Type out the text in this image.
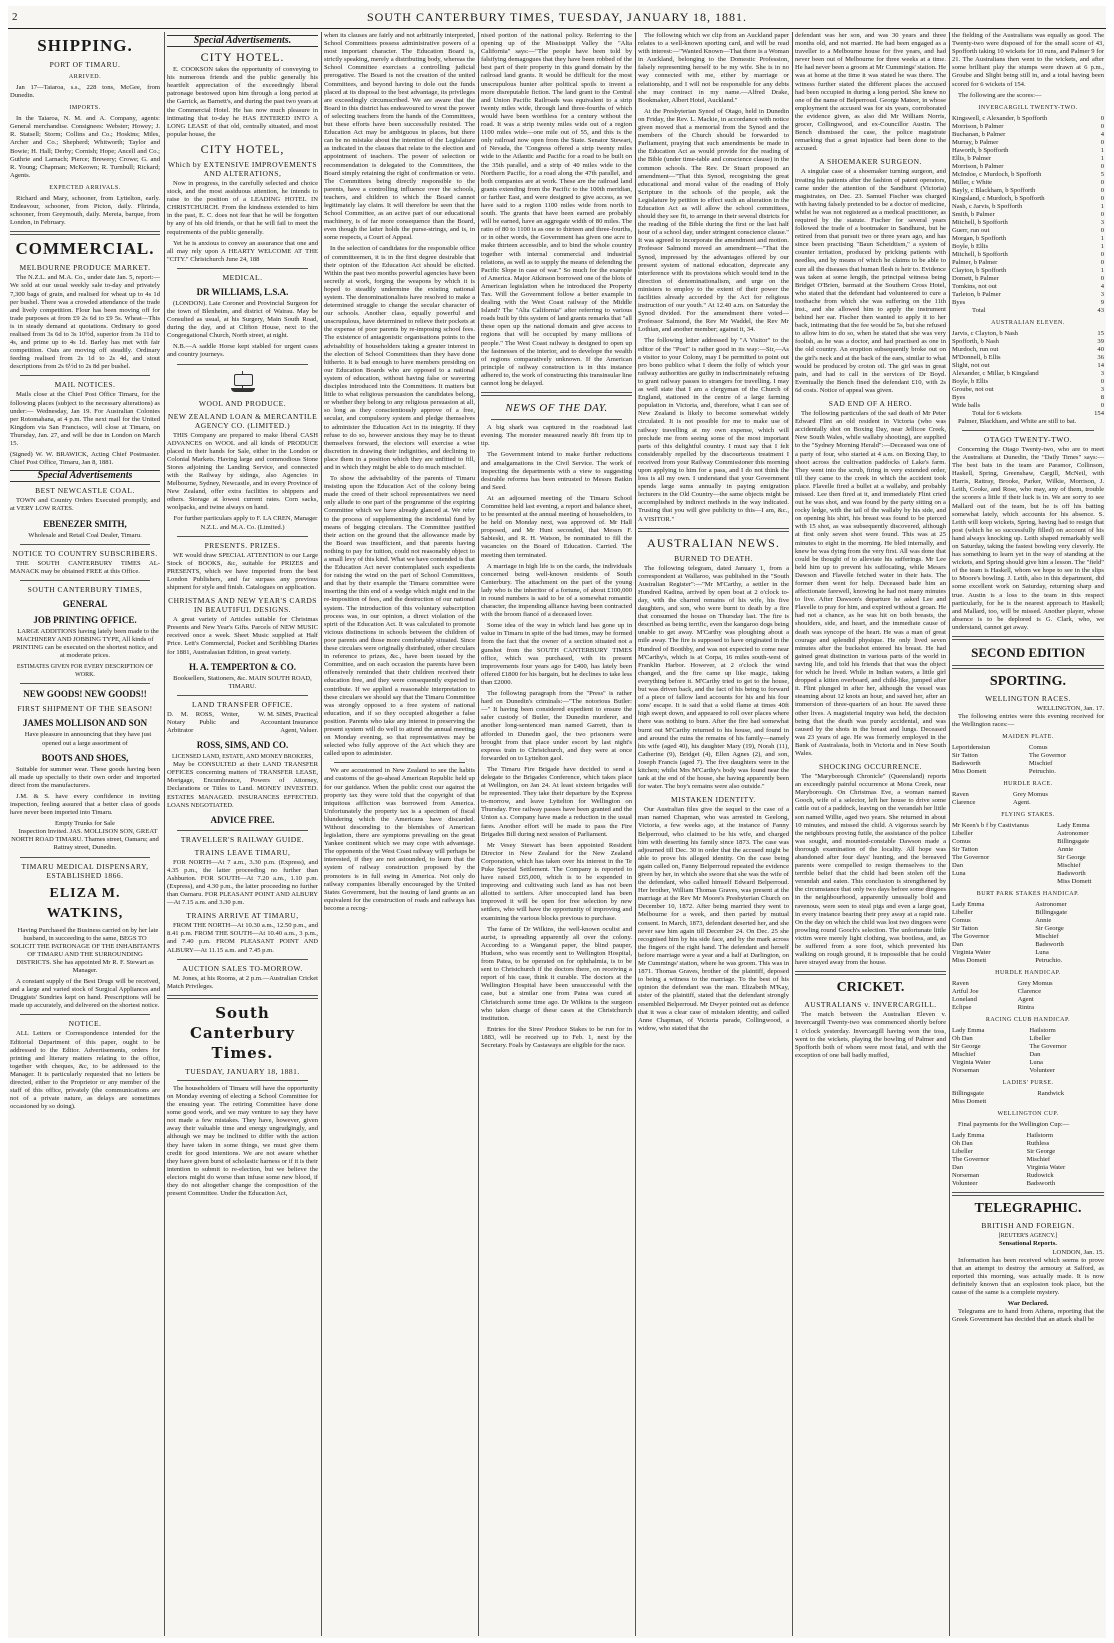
2	SOUTH CANTERBURY TIMES, TUESDAY, JANUARY 18, 1881.
SHIPPING.
PORT OF TIMARU.
ARRIVED.

Jan 17—Taiaroa, s.s., 228 tons, McGee, from Dunedin.

IMPORTS.

In the Taiaroa, N. M. and A. Company, agents: General merchandise. Consignees: Webster; Howey; J. R. Statsell; Storm; Collins and Co.; Hoskins; Miles, Archer and Co.; Shepherd; Whitworth; Taylor and Bowie; H. Hall; Derby; Cornish; Hope; Ancell and Co.; Guthrie and Larnach; Pierce; Brewery; Crowe; G. and R. Young; Chapman; McKeown; R. Turnbull; Rickard; Agents.

EXPECTED ARRIVALS.

Richard and Mary, schooner, from Lyttelton, early. Endeavour, schooner, from Picton, daily. Flirinda, schooner, from Greymouth, daily. Mereia, barque, from London, in February.

COMMERCIAL.
MELBOURNE PRODUCE MARKET.

The N.Z.L. and M.A. Co., under date Jan. 5, report:—We sold at our usual weekly sale to-day and privately 7,300 bags of grain, and realised for wheat up to 4s 1d per bushel. There was a crowded attendance of the trade and lively competition. Flour has been moving off for trade purposes at from £9 2s 6d to £9 5s. Wheat—This is in steady demand at quotations. Ordinary to good realised from 3s 6d to 3s 10½d, superior from 3s 11d to 4s, and prime up to 4s 1d. Barley has met with fair competition. Oats are moving off steadily. Ordinary feeding realised from 2s 1d to 2s 4d, and stout descriptions from 2s 6½d to 2s 8d per bushel.

MAIL NOTICES.

Mails close at the Chief Post Office Timaru, for the following places (subject to the necessary alterations) as under:— Wednesday, Jan 19. For Australian Colonies per Rotomahana, at 4 p.m. The next mail for the United Kingdom via San Francisco, will close at Timaru, on Thursday, Jan. 27, and will be due in London on March 15.

(Signed) W. W. BRAWICK, Acting Chief Postmaster. Chief Post Office, Timaru, Jan 8, 1881.

Special Advertisements
BEST NEWCASTLE COAL.

TOWN and Country Orders Executed promptly, and at VERY LOW RATES.

EBENEZER SMITH,
Wholesale and Retail Coal Dealer, Timaru.
NOTICE TO COUNTRY SUBSCRIBERS.

THE SOUTH CANTERBURY TIMES AL-MANACK may be obtained FREE at this Office.

SOUTH CANTERBURY TIMES,
GENERAL
JOB PRINTING OFFICE.

LARGE ADDITIONS having lately been made to the MACHINERY AND JOBBING TYPE, All kinds of PRINTING can be executed on the shortest notice, and at moderate prices.

ESTIMATES GIVEN FOR EVERY DESCRIPTION OF WORK.
NEW GOODS! NEW GOODS!!
FIRST SHIPMENT OF THE SEASON!
JAMES MOLLISON AND SON

Have pleasure in announcing that they have just opened out a large assortment of

BOOTS AND SHOES,

Suitable for summer wear. These goods having been all made up specially to their own order and imported direct from the manufacturers.

J.M. & S. have every confidence in inviting inspection, feeling assured that a better class of goods have never been imported into Timaru.

Empty Trunks for Sale

Inspection Invited. JAS. MOLLISON SON, GREAT NORTH ROAD TIMARU. Thames street, Oamaru; and Rattray street, Dunedin.

TIMARU MEDICAL DISPENSARY, ESTABLISHED 1866.
ELIZA M. WATKINS,

Having Purchased the Business carried on by her late husband, in succeeding to the same, BEGS TO SOLICIT THE PATRONAGE OF THE INHABITANTS OF TIMARU AND THE SURROUNDING DISTRICTS. She has appointed Mr R. F. Stewart as Manager.

A constant supply of the Best Drugs will be received, and a large and varied stock of Surgical Appliances and Druggists' Sundries kept on hand. Prescriptions will be made up accurately, and delivered on the shortest notice.

NOTICE.

ALL Letters or Correspondence intended for the Editorial Department of this paper, ought to be addressed to the Editor. Advertisements, orders for printing and literary matters relating to the office, together with cheques, &c, to be addressed to the Manager. It is particularly requested that no letters be directed, either to the Proprietor or any member of the staff of this office, privately (the communications are not of a private nature, as delays are sometimes occasioned by so doing).

Special Advertisements.
CITY HOTEL.

E. COOKSON takes the opportunity of conveying to his numerous friends and the public generally his heartfelt appreciation of the exceedingly liberal patronage bestowed upon him through a long period at the Garrick, as Barnett's, and during the past two years at the Commercial Hotel. He has now much pleasure in intimating that to-day he HAS ENTERED INTO A LONG LEASE of that old, centrally situated, and most popular house, the

CITY HOTEL,
Which by EXTENSIVE IMPROVEMENTS AND ALTERATIONS,

Now in progress, in the carefully selected and choice stock, and the most assiduous attention, he intends to raise to the position of a LEADING HOTEL IN CHRISTCHURCH. From the kindness extended to him in the past, E. C. does not fear that he will be forgotten by any of his old friends, or that he will fail to meet the requirements of the public generally.

Yet he is anxious to convey an assurance that one and all may rely upon A HEARTY WELCOME AT THE "CITY." Christchurch June 24, 188

MEDICAL.
DR WILLIAMS, L.S.A.

(LONDON). Late Coroner and Provincial Surgeon for the town of Blenheim, and district of Wairau. May be Consulted as usual, at his Surgery, Main South Road, during the day, and at Clifton House, next to the Congregational Church, North street, at night.

N.B.—A saddle Horse kept stabled for urgent cases and country journeys.

WOOL AND PRODUCE.
NEW ZEALAND LOAN & MERCANTILE AGENCY CO. (LIMITED.)

THIS Company are prepared to make liberal CASH ADVANCES on WOOL and all kinds of PRODUCE placed in their hands for Sale, either in the London or Colonial Markets. Having large and commodious Stone Stores adjoining the Landing Service, and connected with the Railway by sidings, also Agencies in Melbourne, Sydney, Newcastle, and in every Province of New Zealand, offer extra facilities to shippers and others. Storage at lowest current rates. Corn sacks, woolpacks, and twine always on hand.

For further particulars apply to F. LA CREN, Manager N.Z.L. and M.A. Co. (Limited.)

PRESENTS. PRIZES.

WE would draw SPECIAL ATTENTION to our Large Stock of BOOKS, &c, suitable for PRIZES and PRESENTS, which we have imported from the best London Publishers, and far surpass any previous shipment for style and finish. Catalogues on application.

CHRISTMAS AND NEW YEAR'S CARDS IN BEAUTIFUL DESIGNS.

A great variety of Articles suitable for Christmas Presents and New Year's Gifts. Parcels of NEW MUSIC received once a week. Sheet Music supplied at Half Price. Lett's Commercial, Pocket and Scribbling Diaries for 1881, Australasian Edition, in great variety.

H. A. TEMPERTON & CO.
Booksellers, Stationers, &c. MAIN SOUTH ROAD, TIMARU.
LAND TRANSFER OFFICE.
D. M. ROSS, Writer, Notary Public and Arbitrator
W. M. SIMS, Practical Accountant Insurance Agent, Valuer.
ROSS, SIMS, AND CO.
LICENSED LAND, ESTATE, AND MONEY BROKERS,

May be CONSULTED at their LAND TRANSFER OFFICES concerning matters of TRANSFER LEASE, Mortgage, Encumbrance, Powers of Attorney, Declarations or Titles to Land. MONEY INVESTED. ESTATES MANAGED. INSURANCES EFFECTED. LOANS NEGOTIATED.

ADVICE FREE.
TRAVELLER'S RAILWAY GUIDE.
TRAINS LEAVE TIMARU,

FOR NORTH—At 7 a.m., 3.30 p.m. (Express), and 4.35 p.m., the latter proceeding no further than Ashburton. FOR SOUTH—At 7.20 a.m., 1.10 p.m. (Express), and 4.30 p.m., the latter proceeding no further than Oamaru. FOR PLEASANT POINT AND ALBURY—At 7.15 a.m. and 3.30 p.m.

TRAINS ARRIVE AT TIMARU,

FROM THE NORTH—At 10.30 a.m., 12.50 p.m., and 8.41 p.m. FROM THE SOUTH—At 10.40 a.m., 3 p.m., and 7.40 p.m. FROM PLEASANT POINT AND ALBURY—At 11.15 a.m. and 7.45 p.m.

AUCTION SALES TO-MORROW.

M. Jones, at his Rooms, at 2 p.m.—Australian Cricket Match Privileges.

South Canterbury Times.
TUESDAY, JANUARY 18, 1881.

The householders of Timaru will have the opportunity on Monday evening of electing a School Committee for the ensuing year. The retiring Committee have done some good work, and we may venture to say they have not made a few mistakes. They have, however, given away their valuable time and energy ungrudgingly, and although we may be inclined to differ with the action they have taken in some things, we must give them credit for good intentions. We are not aware whether they have given burst of scholastic harness or if it is their intention to submit to re-election, but we believe the electors might do worse than infuse some new blood, if they do not altogether change the composition of the present Committee. Under the Education Act,

when its clauses are fairly and not arbitrarily interpreted, School Committees possess administrative powers of a most important character. The Education Board is, strictly speaking, merely a distributing body, whereas the School Committee exercises a controlling judicial prerogative. The Board is not the creation of the united Committees, and beyond having to dole out the funds placed at its disposal to the best advantage, its privileges are exceedingly circumscribed. We are aware that the Board in this district has endeavoured to wrest the power of selecting teachers from the hands of the Committees, but these efforts have been successfully resisted. The Education Act may be ambiguous in places, but there can be no mistake about the intention of the Legislature as indicated in the clauses that relate to the election and appointment of teachers. The power of selection or recommendation is delegated to the Committees, the Board simply retaining the right of confirmation or veto. The Committees being directly responsible to the parents, have a controlling influence over the schools, teachers, and children to which the Board cannot legitimately lay claim. It will therefore be seen that the School Committee, as an active part of our educational machinery, is of far more consequence than the Board, even though the latter holds the purse-strings, and is, in some respects, a Court of Appeal.

In the selection of candidates for the responsible office of committeemen, it is in the first degree desirable that their opinion of the Education Act should be elicited. Within the past two months powerful agencies have been secretly at work, forging the weapons by which it is hoped to steadily undermine the existing national system. The denominationalists have resolved to make a determined struggle to change the secular character of our schools. Another class, equally powerful and unscrupulous, have determined to relieve their pockets at the expense of poor parents by re-imposing school fees. The existence of antagonistic organisations points to the advisability of householders taking a greater interest in the election of School Committees than they have done hitherto. It is bad enough to have members presiding on our Education Boards who are opposed to a national system of education, without having false or wavering disciples introduced into the Committees. It matters but little to what religious persuasion the candidates belong, or whether they belong to any religious persuasion at all, so long as they conscientiously approve of a free, secular, and compulsory system and pledge themselves to administer the Education Act in its integrity. If they refuse to do so, however anxious they may be to thrust themselves forward, the electors will exercise a wise discretion in drawing their indignities, and declining to place them in a position which they are unfitted to fill, and in which they might be able to do much mischief.

To show the advisability of the parents of Timaru insisting upon the Education Act of the colony being made the creed of their school representatives we need only allude to one part of the programme of the expiring Committee which we have already glanced at. We refer to the process of supplementing the incidental fund by means of begging circulars. The Committee justified their action on the ground that the allowance made by the Board was insufficient, and that parents having nothing to pay for tuition, could not reasonably object to a small levy of this kind. What we have contended is that the Education Act never contemplated such expedients for raising the wind on the part of School Committees, and that by their example the Timaru committee were inserting the thin end of a wedge which might end in the re-imposition of fees, and the destruction of our national system. The introduction of this voluntary subscription process was, in our opinion, a direct violation of the spirit of the Education Act. It was calculated to promote vicious distinctions in schools between the children of poor parents and those more comfortably situated. Since these circulars were originally distributed, other circulars in reference to prizes, &c., have been issued by the Committee, and on each occasion the parents have been offensively reminded that their children received their education free, and they were consequently expected to contribute. If we applied a reasonable interpretation to these circulars we should say that the Timaru Committee was strongly opposed to a free system of national education, and if so they occupied altogether a false position. Parents who take any interest in preserving the present system will do well to attend the annual meeting on Monday evening, so that representatives may be selected who fully approve of the Act which they are called upon to administer.

We are accustomed in New Zealand to see the habits and customs of the go-ahead American Republic held up for our guidance. When the public crest our against the property tax they were told that the copyright of that iniquitous affliction was borrowed from America. Unfortunately the property tax is a specimen of fiscal blundering which the Americans have discarded. Without descending to the blemishes of American legislation, there are symptoms prevailing on the great Yankee continent which we may cope with advantage. The opponents of the West Coast railway will perhaps be interested, if they are not astounded, to learn that the system of railway construction proposed by the promoters is in full swing in America. Not only do railway companies liberally encouraged by the United States Government, but the issuing of land grants as an equivalent for the construction of roads and railways has become a recog-

nised portion of the national policy. Referring to the opening up of the Mississippi Valley the "Alta California" says:—"The people have been told by falsifying demagogues that they have been robbed of the best part of their property in this grand domain by the railroad land grants. It would be difficult for the most unscrupulous hunter after political spoils to invent a more disreputable fiction. The land grant to the Central and Union Pacific Railroads was equivalent to a strip twenty miles wide, through land three-fourths of which would have been worthless for a century without the road. It was a strip twenty miles wide out of a region 1100 miles wide—one mile out of 55, and this is the only railroad now open from the State. Senator Stewart, of Nevada, the 'Congress offered a strip twenty miles wide to the Atlantic and Pacific for a road to be built on the 35th parallel, and a strip of 40 miles wide to the Northern Pacific, for a road along the 47th parallel, and both companies are at work. These are the railroad land grants extending from the Pacific to the 100th meridian, or farther East, and were designed to give access, as we have said to a region 1100 miles wide from north to south. The grants that have been earned are probably will be earned, have an aggregate width of 80 miles. The ratio of 80 to 1100 is as one to thirteen and three-fourths, or in other words, the Government has given one acre to make thirteen accessible, and to bind the whole country together with internal commercial and industrial relations, as well as to supply the means of defending the Pacific Slope in case of war." So much for the example of America. Major Atkinson borrowed one of the blots of American legislation when he introduced the Property Tax. Will the Government follow a better example in dealing with the West Coast railway of the Middle Island? The "Alta California" after referring to various roads built by this system of land grants remarks that "all these open up the national domain and give access to regions that will be occupied by many millions of people." The West Coast railway is designed to open up the fastnesses of the interior, and to develope the wealth of regions comparatively unknown. If the American principle of railway construction is in this instance adhered to, the work of constructing this transinsular line cannot long be delayed.

NEWS OF THE DAY.

A big shark was captured in the roadstead last evening. The monster measured nearly 8ft from tip to tip.

The Government intend to make further reductions and amalgamations in the Civil Service. The work of inspecting the departments with a view to suggesting desirable reforms has been entrusted to Messrs Batkin and Seed.

At an adjourned meeting of the Timaru School Committee held last evening, a report and balance sheet, to be presented at the annual meeting of householders, to be held on Monday next, was approved of. Mr Hall proposed, and Mr Hunt seconded, that Messrs F. Sabieski, and R. H. Watson, be nominated to fill the vacancies on the Board of Education. Carried. The meeting then terminated.

A marriage in high life is on the cards, the individuals concerned being well-known residents of South Canterbury. The attachment on the part of the young lady who is the inheritor of a fortune, of about £100,000 in round numbers is said to be of a somewhat romantic character, the impending alliance having been contracted with the broom fiancé of a deceased lover.

Some idea of the way in which land has gone up in value in Timaru in spite of the bad times, may be formed from the fact that the owner of a section situated not a gunshot from the SOUTH CANTERBURY TIMES office, which was purchased, with its present improvements four years ago for £400, has lately been offered £1800 for his bargain, but he declines to take less than £2000.

The following paragraph from the "Press" is rather hard on Dunedin's criminals:—"The notorious Butler:—" It having been considered expedient to ensure the safer custody of Butler, the Dunedin murderer, and another long-sentenced man named Garrett, than is afforded in Dunedin gaol, the two prisoners were brought from that place under escort by last night's express train to Christchurch, and they were at once forwarded on to Lyttelton gaol.

The Timaru Fire Brigade have decided to send a delegate to the Brigades Conference, which takes place at Wellington, on Jan 24. At least sixteen brigades will be represented. They take their departure by the Express to-morrow, and leave Lyttelton for Wellington on Thursday. Free railway passes have been granted and the Union s.s. Company have made a reduction in the usual fares. Another effort will be made to pass the Fire Brigades Bill during next session of Parliament.

Mr Vesey Stewart has been appointed Resident Director in New Zealand for the New Zealand Corporation, which has taken over his interest in the Te Puke Special Settlement. The Company is reported to have raised £65,000, which is to be expended in improving and cultivating such land as has not been allotted to settlers. After unoccupied land has been improved it will be open for free selection by new settlers, who will have the opportunity of improving and examining the various blocks previous to purchase.

The fame of Dr Wilkins, the well-known oculist and aurist, is spreading apparently all over the colony. According to a Wanganui paper, the blind pauper, Hudson, who was recently sent to Wellington Hospital, from Patea, to be operated on for ophthalmia, is to be sent to Christchurch if the doctors there, on receiving a report of his case, think it curable. The doctors at the Wellington Hospital have been unsuccessful with the case, but a similar one from Patea was cured at Christchurch some time ago. Dr Wilkins is the surgeon who takes charge of these cases at the Christchurch institution.

Entries for the Sires' Produce Stakes to be run for in 1883, will be received up to Feb. 1, next by the Secretary. Foals by Castaways are eligible for the race.

The following which we clip from an Auckland paper relates to a well-known sporting card, and will be read with interest:—"Wanted Known—That there is a Woman in Auckland, belonging to the Domestic Profession, falsely representing herself to be my wife. She is in no way connected with me, either by marriage or relationship, and I will not be responsible for any debts she may contract in my name.—Alfred Drake, Bookmaker, Albert Hotel, Auckland."

At the Presbyterian Synod of Otago, held in Dunedin on Friday, the Rev. L. Mackie, in accordance with notice given moved that a memorial from the Synod and the members of the Church should be forwarded to Parliament, praying that such amendments be made in the Education Act as would provide for the reading of the Bible (under time-table and conscience clause) in the common schools. The Rev. Dr Stuart proposed an amendment—"That this Synod, recognising the great educational and moral value of the reading of Holy Scripture in the schools of the people, ask the Legislature by petition to effect such an alteration in the Education Act as will allow the school committees, should they see fit, to arrange in their several districts for the reading of the Bible during the first or the last half hour of a school day, under stringent conscience clause." It was agreed to incorporate the amendment and motion. Professor Salmond moved an amendment—"That the Synod, impressed by the advantages offered by our present system of national education, deprecate any interference with its provisions which would tend in the direction of denominationalism, and urge on the ministers to employ to the extent of their power the facilities already accorded by the Act for religious instruction of our youth." At 12.40 a.m. on Saturday the Synod divided. For the amendment there voted—Professor Salmond, the Rev Mr Waddel, the Rev Mr Lothian, and another member; against it, 34.

The following letter addressed by "A Visitor" to the editor of the "Post" is rather good in its way:—Sir,—As a visitor to your Colony, may I be permitted to point out pro bono publico what I deem the folly of which your railway authorities are guilty in indiscriminately refusing to grant railway passes to strangers for travelling. I may as well state that I am a clergyman of the Church of England, stationed in the centre of a large farming population in Victoria, and, therefore, what I can see of New Zealand is likely to become somewhat widely circulated. It is not possible for me to make use of railway travelling at my own expense, which will preclude me from seeing some of the most important parts of this delightful country. I must say that I felt considerably repelled by the discourteous treatment I received from your Railway Commissioner this morning upon applying to him for a pass, and I do not think the loss is all my own. I understand that your Government spends large sums annually in paying emigration lecturers in the Old Country—the same objects might be accomplished by indirect methods in the way indicated. Trusting that you will give publicity to this—I am, &c., A VISITOR."

AUSTRALIAN NEWS.
BURNED TO DEATH.

The following telegram, dated January 1, from a correspondent at Wallaroo, was published in the "South Australian Register":—"Mr M'Carthy, a settler in the Hundred Kadina, arrived by open boat at 2 o'clock to-day, with the charred remains of his wife, his five daughters, and son, who were burnt to death by a fire that consumed the house on Thursday last. The fire is described as being terrific, even the kangaroo dogs being unable to get away. M'Carthy was ploughing about a mile away. The fire is supposed to have originated in the Hundred of Boothby, and was not expected to come near M'Carthy's, which is at Corpa, 16 miles south-west of Franklin Harbor. However, at 2 o'clock the wind changed, and the fire came up like magic, taking everything before it. M'Carthy tried to get to the house, but was driven back, and the fact of his being to forward of a piece of fallow land accounts for his and his four sons' escape. It is said that a solid flame at times 40ft high swept down, and appeared to roll over places where there was nothing to burn. After the fire had somewhat burnt out M'Carthy returned to his house, and found in and around the ruins the remains of his family—namely his wife (aged 40), his daughter Mary (19), Norah (11), Catherine (9), Bridget (4), Ellen Agnes (2), and son, Joseph Francis (aged 7). The five daughters were in the kitchen; whilst Mrs M'Carthy's body was found near the tank at the end of the house, she having apparently been for water. The boy's remains were also outside."

MISTAKEN IDENTITY.

Our Australian files give the sequel to the case of a man named Chapman, who was arrested in Geelong, Victoria, a few weeks ago, at the instance of Fanny Belperroud, who claimed to be his wife, and charged him with deserting his family since 1873. The case was adjourned till Dec. 30 in order that the accused might be able to prove his alleged identity. On the case being again called on, Fanny Belperroud repeated the evidence given by her, in which she swore that she was the wife of the defendant, who called himself Edward Belperroud. Her brother, William Thomas Graves, was present at the marriage at the Rev Mr Moore's Presbyterian Church on December 10, 1872. After being married they went to Melbourne for a week, and then parted by mutual consent. In March, 1873, defendant deserted her, and she never saw him again till December 24. On Dec. 25 she recognised him by his side face, and by the mark across the fingers of the right hand. The defendant and herself before marriage were a year and a half at Darlington, on Mr Cummings' station, where he was groom. This was in 1871. Thomas Graves, brother of the plaintiff, deposed to being a witness to the marriage. To the best of his opinion the defendant was the man. Elizabeth M'Kay, sister of the plaintiff, stated that the defendant strongly resembled Belperroud. Mr Dwyer pointed out as defence that it was a clear case of mistaken identity, and called Anne Chapman, of Victoria parade, Collingwood, a widow, who stated that the

defendant was her son, and was 30 years and three months old, and not married. He had been engaged as a traveller to a Melbourne house for five years, and had never been out of Melbourne for three weeks at a time. He had never been a groom at Mr Cummings' station. He was at home at the time it was stated he was there. The witness further stated the different places the accused had been occupied in during a long period. She knew no one of the name of Belperroud. George Mateer, in whose employment the accused was for six years, corroborated the evidence given, as also did Mr William Norris, grocer, Collingwood, and ex-Councillor Austin. The Bench dismissed the case, the police magistrate remarking that a great injustice had been done to the accused.

A SHOEMAKER SURGEON.

A singular case of a shoemaker turning surgeon, and treating his patients after the fashion of patent operators, came under the attention of the Sandhurst (Victoria) magistrates, on Dec. 23. Samuel Fischer was charged with having falsely pretended to be a doctor of medicine, whilst he was not registered as a medical practitioner, as required by the statute. Fischer for several years followed the trade of a bootmaker in Sandhurst, but he retired from that pursuit two or three years ago, and has since been practising "Baun Scheidtism," a system of counter irritation, produced by pricking patients with needles, and by means of which he claims to be able to cure all the diseases that human flesh is heir to. Evidence was taken at some length, the principal witness being Bridget O'Brien, barmaid at the Southern Cross Hotel, who stated that the defendant had volunteered to cure a toothache from which she was suffering on the 11th inst., and she allowed him to apply the instrument behind her ear. Fischer then wanted to apply it to her back, intimating that the fee would be 5s, but she refused to allow him to do so, when he stated that she was very foolish, as he was a doctor, and had practised as one in the old country. An eruption subsequently broke out on the girl's neck and at the back of the ears, similar to what would be produced by croton oil. The girl was in great pain, and had to call in the services of Dr Boyd. Eventually the Bench fined the defendant £10, with 2s 6d costs. Notice of appeal was given.

SAD END OF A HERO.

The following particulars of the sad death of Mr Peter Edward Flint an old resident in Victoria (who was accidentally shot on Boxing Day, near Jellicoe Creek, New South Wales, while wallaby shooting), are supplied to the "Sydney Morning Herald":—Deceased was one of a party of four, who started at 4 a.m. on Boxing Day, to shoot across the cultivation paddocks of Lake's farm. They went into the scrub, firing in very extended order, till they came to the creek in which the accident took place. Flavelle fired a bullet at a wallaby, and probably missed. Lee then fired at it, and immediately Flint cried out he was shot, and was found by the party sitting on a rocky ledge, with the tail of the wallaby by his side, and on opening his shirt, his breast was found to be pierced with 15 shot, as was subsequently discovered, although at first only seven shot were found. This was at 25 minutes to eight in the morning. He bled internally, and knew he was dying from the very first. All was done that could be thought of to alleviate his sufferings. Mr Lee held him up to prevent his suffocating, while Messrs Dawson and Flavelle fetched water in their hats. The former then went for help. Deceased bade him an affectionate farewell, knowing he had not many minutes to live. After Dawson's departure he asked Lee and Flavelle to pray for him, and expired without a groan. He had not a chance, as he was hit on both breasts, the shoulders, side, and heart, and the immediate cause of death was syncope of the heart. He was a man of great courage and splendid physique. He only lived seven minutes after the buckshot entered his breast. He had gained great distinction in various parts of the world in saving life, and told his friends that that was the object for which he lived. While in Indian waters, a little girl dropped a kitten overboard, and child-like, jumped after it. Flint plunged in after her, although the vessel was steaming about 12 knots an hour, and saved her, after an immersion of three-quarters of an hour. He saved three other lives. A magisterial inquiry was held, the decision being that the death was purely accidental, and was caused by the shots in the breast and lungs. Deceased was 23 years of age. He was formerly employed in the Bank of Australasia, both in Victoria and in New South Wales.

SHOCKING OCCURRENCE.

The "Maryborough Chronicle" (Queensland) reports an exceedingly painful occurrence at Mona Creek, near Maryborough. On Christmas Eve, a woman named Gooch, wife of a selector, left her house to drive some cattle out of a paddock, leaving on the verandah her little son named Willie, aged two years. She returned in about 10 minutes, and missed the child. A vigorous search by the neighbours proving futile, the assistance of the police was sought, and mounted-constable Dawson made a thorough examination of the locality. All hope was abandoned after four days' hunting, and the bereaved parents were compelled to resign themselves to the terrible belief that the child had been stolen off the verandah and eaten. This conclusion is strengthened by the circumstance that only two days before some dingoes in the neighbourhood, apparently unusually bold and ravenous, were seen to steal pigs and even a large goat, in every instance bearing their prey away at a rapid rate. On the day on which the child was lost two dingoes were prowling round Gooch's selection. The unfortunate little victim were merely light clothing, was bootless, and, as he suffered from a sore foot, which prevented his walking on rough ground, it is impossible that he could have strayed away from the house.

CRICKET.
AUSTRALIANS v. INVERCARGILL.

The match between the Australian Eleven v. Invercargill Twenty-two was commenced shortly before 1 o'clock yesterday. Invercargill having won the toss, went to the wickets, playing the bowling of Palmer and Spofforth both of whom were most fatal, and with the exception of one ball badly muffed,

the fielding of the Australians was equally as good. The Twenty-two were disposed of for the small score of 43, Spofforth taking 10 wickets for 10 runs, and Palmer 9 for 21. The Australians then went to the wickets, and after some brilliant play the stumps were drawn at 6 p.m., Groube and Slight being still in, and a total having been scored for 6 wickets of 154.

The following are the scores:—

INVERCARGILL TWENTY-TWO.
Kingswell, c Alexander, b Spofforth	0
Morrison, b Palmer	0
Buchanan, b Palmer	4
Murray, b Palmer	0
Haworth, b Spofforth	1
Ellis, b Palmer	1
Morrison, b Palmer	0
McIndoe, c Murdoch, b Spofforth	5
Miller, c White	0
Bayly, c Blackham, b Spofforth	0
Kingsland, c Murdoch, b Spofforth	0
Nash, c Jarvis, b Spofforth	1
Smith, b Palmer	0
Mitchell, b Spofforth	3
Guerr, run out	0
Morgan, b Spofforth	1
Boyle, b Ellis	1
Mitchell, b Spofforth	0
Palmer, b Palmer	0
Clayton, b Spofforth	1
Domett, b Palmer	0
Tomkins, not out	4
Tarleton, b Palmer	3
Byes	9
Total	43
AUSTRALIAN ELEVEN.
Jarvis, c Clayton, b Nash	15
Spofforth, b Nash	39
Murdoch, run out	40
M'Donnell, b Ellis	36
Slight, not out	14
Alexander, c Millar, b Kingsland	3
Boyle, b Ellis	0
Groube, not out	3
Byes	8
Wide balls	0
Total for 6 wickets	154

Palmer, Blackham, and White are still to bat.

OTAGO TWENTY-TWO.

Concerning the Otago Twenty-two, who are to meet the Australians at Dunedin, the "Daily Times" says:—The best bats in the team are Paramor, Collinson, Haskell, Spring, Greenshaw, Cargill, McNeil, with Harris, Rattray, Brooke, Parker, Wilkie, Morrison, J. Leith, Cooke, and Rose, who may, any of them, trouble the scorers a little if their luck is in. We are sorry to see Mallard out of the team, but he is off his batting somewhat lately, which accounts for his absence. S. Leith will keep wickets, Spring, having had to resign that post (which he so successfully filled) on account of his hand always knocking up. Leith shaped remarkably well on Saturday, taking the fastest bowling very cleverly. He has something to learn yet in the way of standing at the wickets, and Spring should give him a lesson. The "field" of the team is Haskell, whom we hope to see in the slips to Moore's bowling. J. Leith, also in this department, did some excellent work on Saturday, returning sharp and true. Austin is a loss to the team in this respect particularly, for he is the nearest approach to Haskell; and Mallard, too, will be missed. Another player, whose absence is to be deplored is G. Clark, who, we understand, cannot get away.

SECOND EDITION
SPORTING.
WELLINGTON RACES.
WELLINGTON, Jan. 17.

The following entries were this evening received for the Wellington races:—

MAIDEN PLATE.
Leporidensiun	Comus
Sir Tatton	The Governor
Badsworth	Mischief
Miss Domett	Petruchio.
HURDLE RACE.
Raven	Grey Momus
Clarence	Agent.
FLYING STAKES.
Mr Keen's b f by Castivianus	Lady Emma
Libeller	Astronomer
Comus	Billingsgate
Sir Tatton	Annie
The Governor	Sir George
Dan	Mischief
Luna	Badsworth
	Miss Domett
BURT PARK STAKES HANDICAP.
Lady Emma	Astronomer
Libeller	Billingsgate
Comus	Annie
Sir Tatton	Sir George
The Governor	Mischief
Dan	Badsworth
Virginia Water	Luna
Miss Domett	Petruchio.
HURDLE HANDICAP.
Raven	Grey Momus
Artful Joe	Clarence
Loneland	Agent
Eclipse	Rintra
RACING CLUB HANDICAP.
Lady Emma	Hailstorm
Oh Dan	Libeller
Sir George	The Governor
Mischief	Dan
Virginia Water	Luna
Norseman	Volunteer
LADIES' PURSE.
Billingsgate	Randwick
Miss Domett	
WELLINGTON CUP.

Final payments for the Wellington Cup:—

Lady Emma	Hailstorm
Oh Dan	Ruthless
Libeller	Sir George
The Governor	Mischief
Dan	Virginia Water
Norseman	Rudowick
Volunteer	Badsworth
TELEGRAPHIC.
BRITISH AND FOREIGN.
[REUTER'S AGENCY.]
Sensational Reports.
LONDON, Jan. 15.

Information has been received which seems to prove that an attempt to destroy the armoury at Salford, as reported this morning, was actually made. It is now definitely known that an explosion took place, but the cause of the same is a complete mystery.

War Declared.

Telegrams are to hand from Athens, reporting that the Greek Government has decided that an attack shall be
